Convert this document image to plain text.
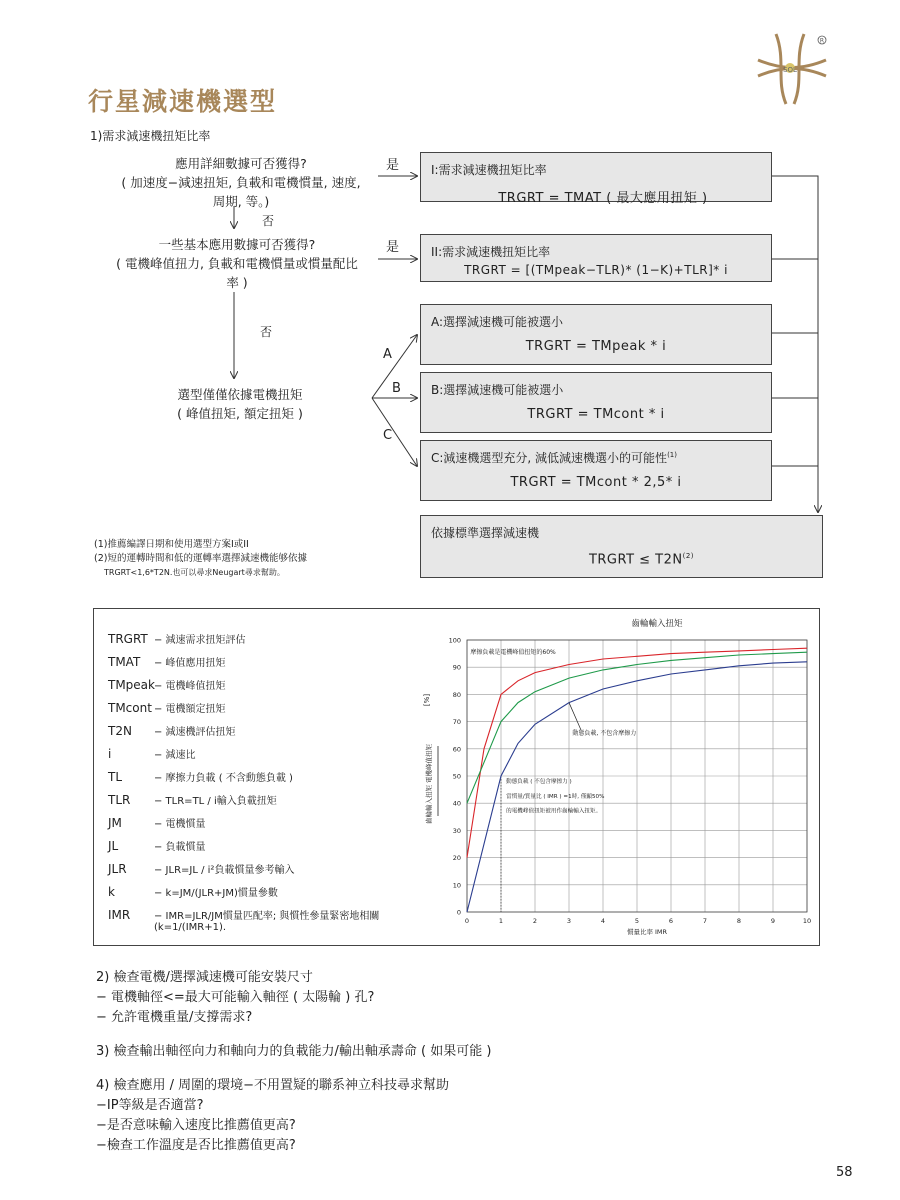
行星減速機選型
SOL
R
1)需求減速機扭矩比率
應用詳細數據可否獲得?
( 加速度−減速扭矩, 負載和電機慣量, 速度,
周期, 等。)
一些基本應用數據可否獲得?
( 電機峰值扭力, 負載和電機慣量或慣量配比
率 )
選型僅僅依據電機扭矩
( 峰值扭矩, 額定扭矩 )
是
是
否
否
A
B
C
I:需求減速機扭矩比率
TRGRT = TMAT ( 最大應用扭矩 )
II:需求減速機扭矩比率
TRGRT = [(TMpeak−TLR)* (1−K)+TLR]* i
A:選擇減速機可能被選小
TRGRT = TMpeak * i
B:選擇減速機可能被選小
TRGRT = TMcont * i
C:減速機選型充分, 減低減速機選小的可能性$^{(1)}$
TRGRT = TMcont * 2,5* i
依據標準選擇減速機
TRGRT ≤ $T2N^{(2)}$
(1)推薦編譯日期和使用選型方案I或II
(2)短的運轉時間和低的運轉率選擇減速機能够依據
TRGRT<1,6*T2N.也可以尋求Neugart尋求幫助。
TRGRT − 減速需求扭矩評估
TMAT	− 峰值應用扭矩
TMpeak − 電機峰值扭矩
TMcont − 電機額定扭矩
T2N	− 減速機評估扭矩
i	− 減速比
TL	− 摩擦力負載 ( 不含動態負載 )
TLR	− TLR=TL / i輸入負載扭矩
JM	− 電機慣量
JL	− 負載慣量
JLR	− JLR=JL / i²負載慣量參考輸入
k	− k=JM/(JLR+JM)慣量參數
IMR	− IMR=JLR/JM慣量匹配率; 與慣性參量緊密地相關
(k=1/(IMR+1).
0	1	2	3	4	5	6	7	8	9	10
0
10
20
30
40
50
60
70
80
90
100
齒輪輸入扭矩
慣量比率 IMR
齒輪輸入扭矩 電機峰值扭矩
[%]
摩擦負載是電機峰值扭矩的60%
動態負載, 不包含摩擦力
動態負載 ( 不包含摩擦力 )
當慣量/質量比 ( IMR ) =1時, 僅顯50%
的電機峰值扭矩被用作齒輪輸入扭矩。
2) 檢查電機/選擇減速機可能安裝尺寸
− 電機軸徑<=最大可能輸入軸徑 ( 太陽輪 ) 孔?
− 允許電機重量/支撐需求?
3) 檢查輸出軸徑向力和軸向力的負載能力/輸出軸承壽命 ( 如果可能 )
4) 檢查應用 / 周圍的環境−不用置疑的聯系神立科技尋求幫助
−IP等級是否適當?
−是否意味輸入速度比推薦值更高?
−檢查工作溫度是否比推薦值更高?
58
